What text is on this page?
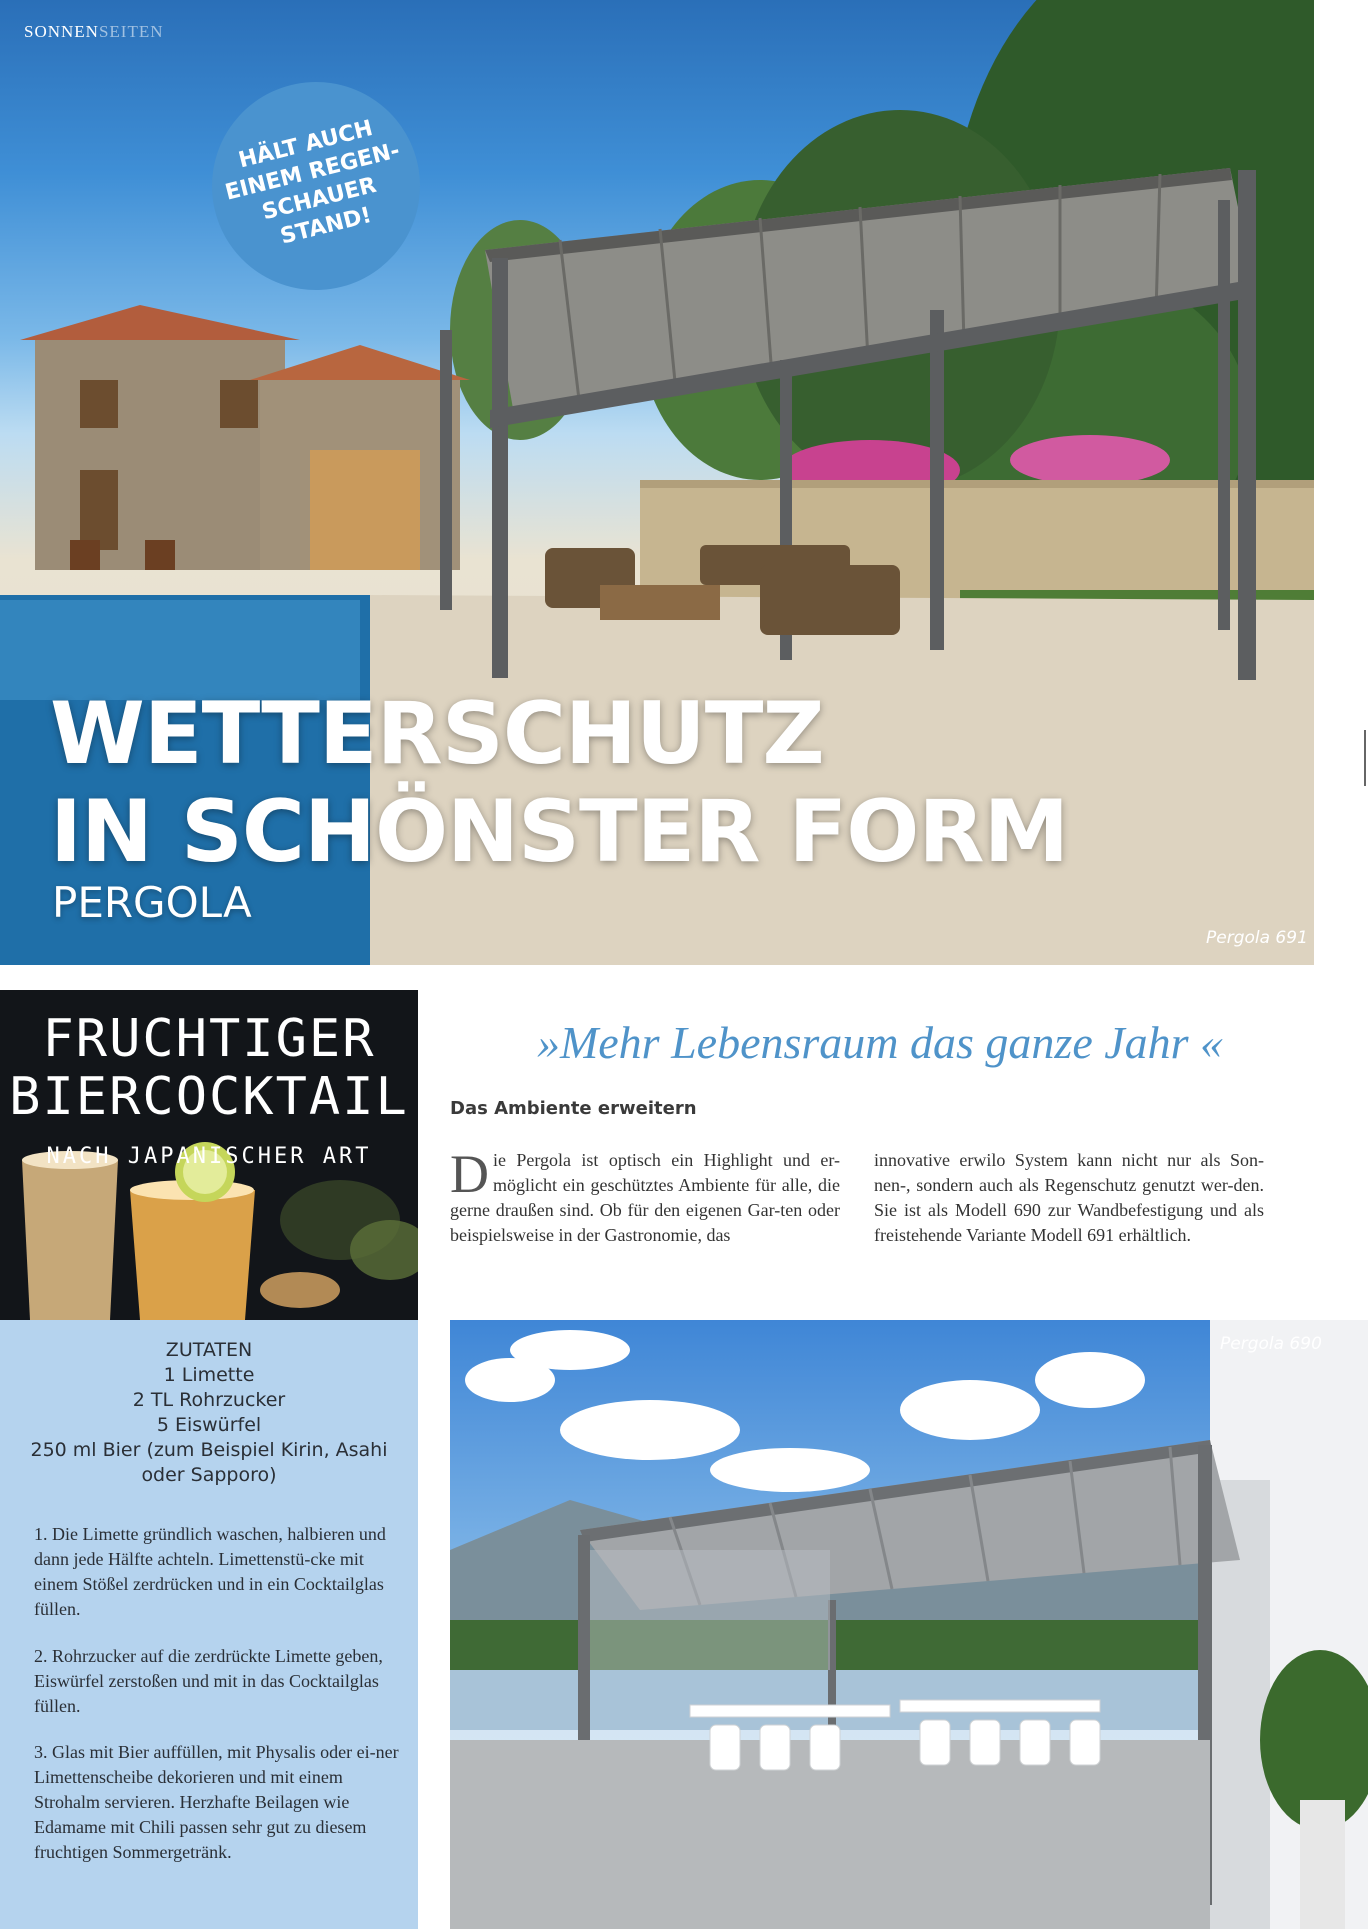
SONNENSEITEN
HÄLT AUCH
EINEM REGEN-
SCHAUER
STAND!
WETTERSCHUTZ
IN SCHÖNSTER FORM
PERGOLA
Pergola 691
FRUCHTIGER
BIERCOCKTAIL
NACH JAPANISCHER ART
ZUTATEN
1 Limette
2 TL Rohrzucker
5 Eiswürfel
250 ml Bier (zum Beispiel Kirin, Asahi
oder Sapporo)
1. Die Limette gründlich waschen, halbieren und dann jede Hälfte achteln. Limettenstü-cke mit einem Stößel zerdrücken und in ein Cocktailglas füllen.
2. Rohrzucker auf die zerdrückte Limette geben, Eiswürfel zerstoßen und mit in das Cocktailglas füllen.
3. Glas mit Bier auffüllen, mit Physalis oder ei-ner Limettenscheibe dekorieren und mit einem Strohalm servieren. Herzhafte Beilagen wie Edamame mit Chili passen sehr gut zu diesem fruchtigen Sommergetränk.
»Mehr Lebensraum das ganze Jahr «
Das Ambiente erweitern
Die Pergola ist optisch ein Highlight und er-möglicht ein geschütztes Ambiente für alle, die gerne draußen sind. Ob für den eigenen Gar-ten oder beispielsweise in der Gastronomie, das
innovative erwilo System kann nicht nur als Son-nen-, sondern auch als Regenschutz genutzt wer-den. Sie ist als Modell 690 zur Wandbefestigung und als freistehende Variante Modell 691 erhältlich.
Pergola 690
